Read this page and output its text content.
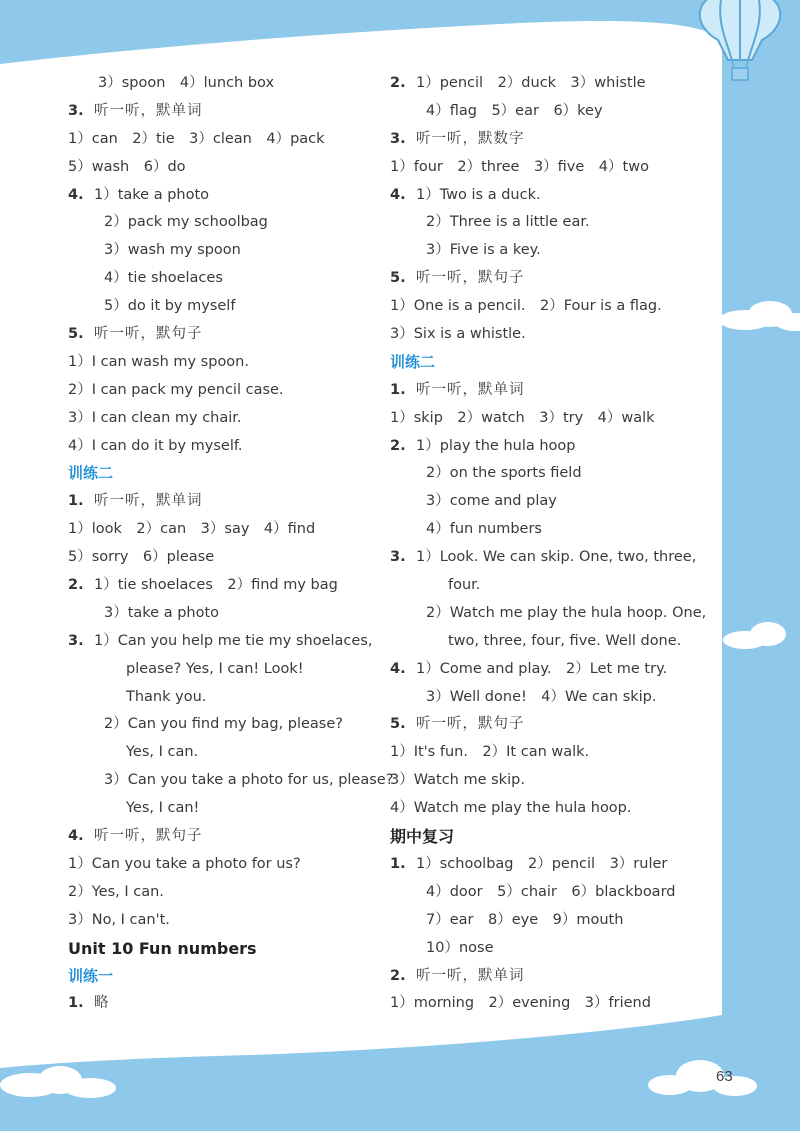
3）spoon　4）lunch box
3. 听一听，默单词
1）can　2）tie　3）clean　4）pack
5）wash　6）do
4. 1）take a photo
2）pack my schoolbag
3）wash my spoon
4）tie shoelaces
5）do it by myself
5. 听一听，默句子
1）I can wash my spoon.
2）I can pack my pencil case.
3）I can clean my chair.
4）I can do it by myself.
训练二
1. 听一听，默单词
1）look　2）can　3）say　4）find
5）sorry　6）please
2. 1）tie shoelaces　2）find my bag
3）take a photo
3. 1）Can you help me tie my shoelaces,
please? Yes, I can! Look!
Thank you.
2）Can you find my bag, please?
Yes, I can.
3）Can you take a photo for us, please?
Yes, I can!
4. 听一听，默句子
1）Can you take a photo for us?
2）Yes, I can.
3）No, I can't.
Unit 10 Fun numbers
训练一
1. 略
2. 1）pencil　2）duck　3）whistle
4）flag　5）ear　6）key
3. 听一听，默数字
1）four　2）three　3）five　4）two
4. 1）Two is a duck.
2）Three is a little ear.
3）Five is a key.
5. 听一听，默句子
1）One is a pencil.　2）Four is a flag.
3）Six is a whistle.
训练二
1. 听一听，默单词
1）skip　2）watch　3）try　4）walk
2. 1）play the hula hoop
2）on the sports field
3）come and play
4）fun numbers
3. 1）Look. We can skip. One, two, three,
four.
2）Watch me play the hula hoop. One,
two, three, four, five. Well done.
4. 1）Come and play.　2）Let me try.
3）Well done!　4）We can skip.
5. 听一听，默句子
1）It's fun.　2）It can walk.
3）Watch me skip.
4）Watch me play the hula hoop.
期中复习
1. 1）schoolbag　2）pencil　3）ruler
4）door　5）chair　6）blackboard
7）ear　8）eye　9）mouth
10）nose
2. 听一听，默单词
1）morning　2）evening　3）friend
63
